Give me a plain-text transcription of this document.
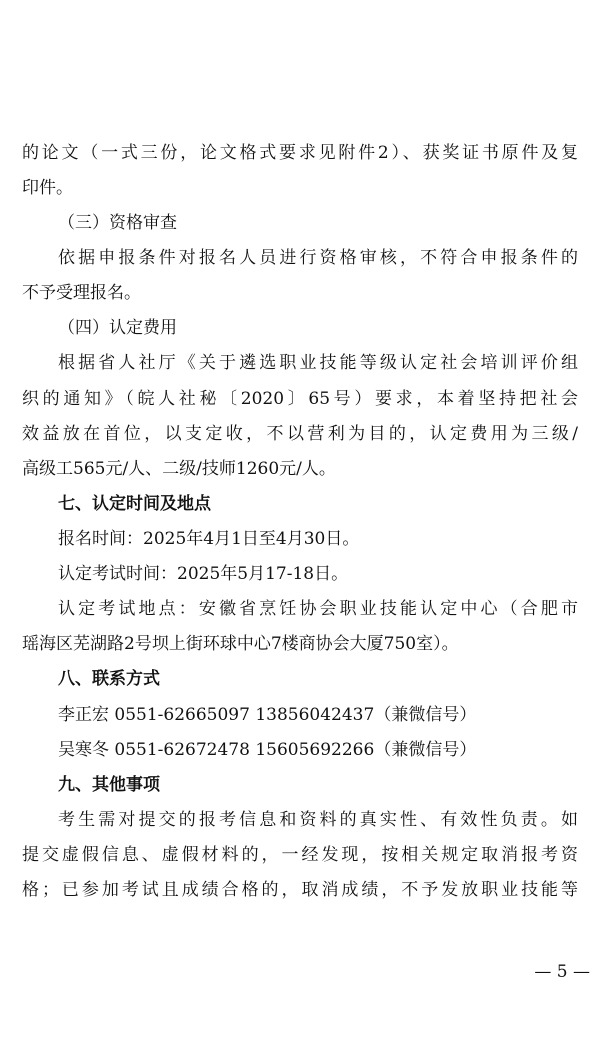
的论文（一式三份，论文格式要求见附件2）、获奖证书原件及复
印件。
（三）资格审查
依据申报条件对报名人员进行资格审核，不符合申报条件的
不予受理报名。
（四）认定费用
根据省人社厅《关于遴选职业技能等级认定社会培训评价组
织的通知》（皖人社秘〔2020〕65号）要求，本着坚持把社会
效益放在首位，以支定收，不以营利为目的，认定费用为三级/
高级工565元/人、二级/技师1260元/人。
七、认定时间及地点
报名时间：2025年4月1日至4月30日。
认定考试时间：2025年5月17-18日。
认定考试地点：安徽省烹饪协会职业技能认定中心（合肥市
瑶海区芜湖路2号坝上街环球中心7楼商协会大厦750室）。
八、联系方式
李正宏 0551-62665097 13856042437（兼微信号）
吴寒冬 0551-62672478 15605692266（兼微信号）
九、其他事项
考生需对提交的报考信息和资料的真实性、有效性负责。如
提交虚假信息、虚假材料的，一经发现，按相关规定取消报考资
格；已参加考试且成绩合格的，取消成绩，不予发放职业技能等
— 5 —
